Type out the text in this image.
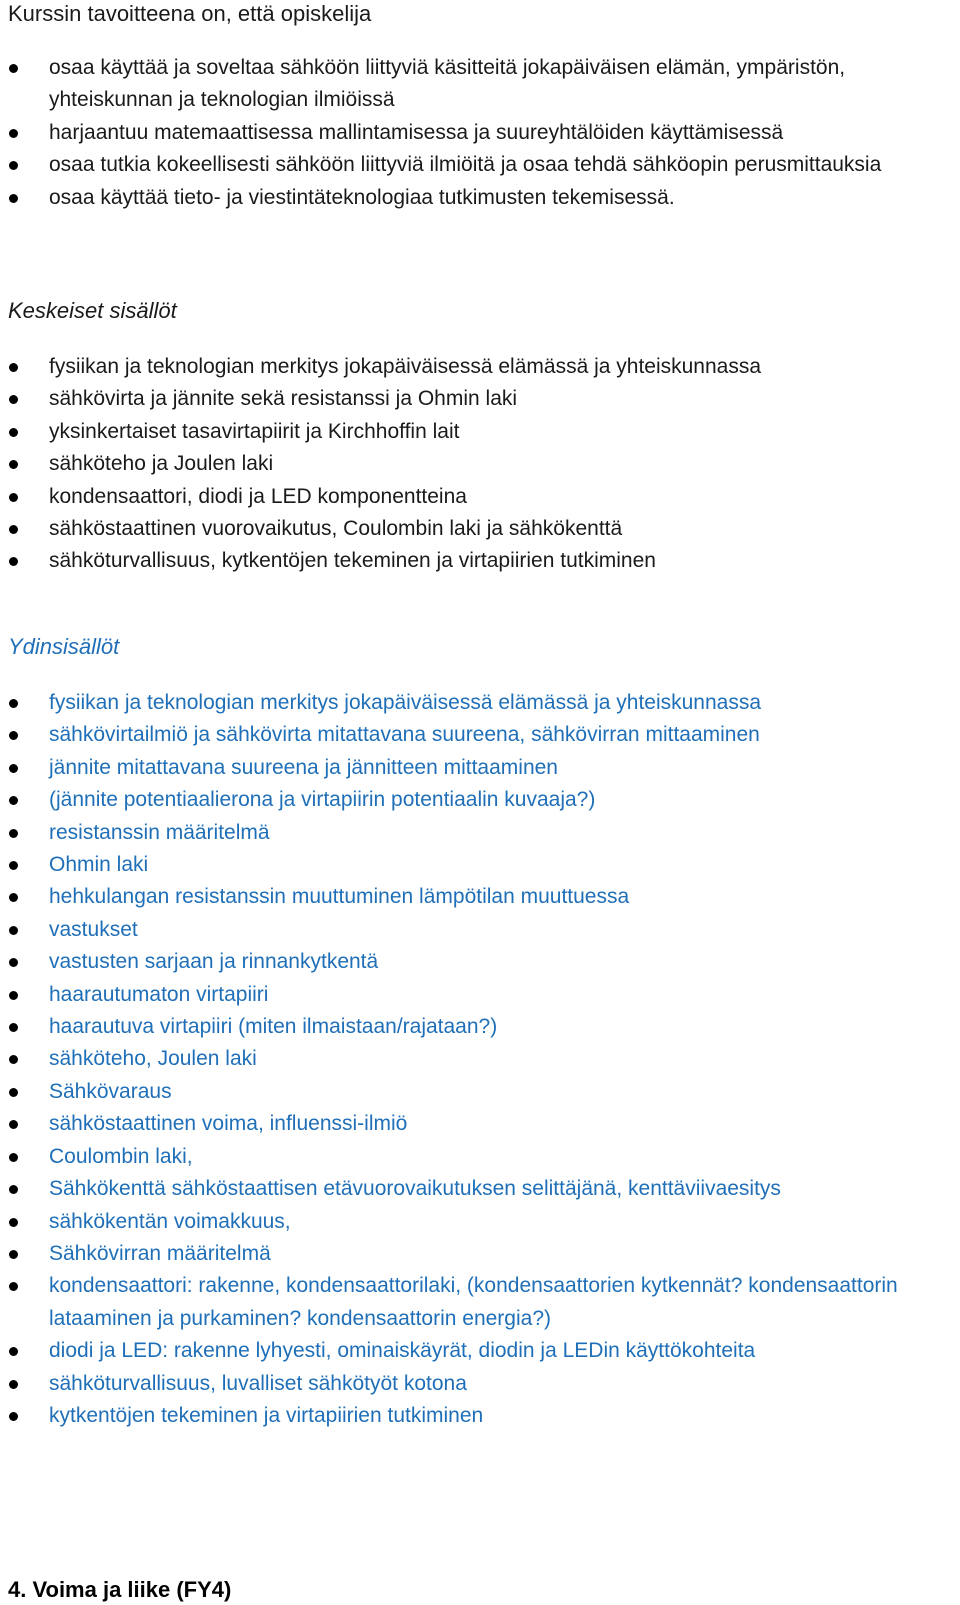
Kurssin tavoitteena on, että opiskelija
osaa käyttää ja soveltaa sähköön liittyviä käsitteitä jokapäiväisen elämän, ympäristön, yhteiskunnan ja teknologian ilmiöissä
harjaantuu matemaattisessa mallintamisessa ja suureyhtälöiden käyttämisessä
osaa tutkia kokeellisesti sähköön liittyviä ilmiöitä ja osaa tehdä sähköopin perusmittauksia
osaa käyttää tieto- ja viestintäteknologiaa tutkimusten tekemisessä.
Keskeiset sisällöt
fysiikan ja teknologian merkitys jokapäiväisessä elämässä ja yhteiskunnassa
sähkövirta ja jännite sekä resistanssi ja Ohmin laki
yksinkertaiset tasavirtapiirit ja Kirchhoffin lait
sähköteho ja Joulen laki
kondensaattori, diodi ja LED komponentteina
sähköstaattinen vuorovaikutus, Coulombin laki ja sähkökenttä
sähköturvallisuus, kytkentöjen tekeminen ja virtapiirien tutkiminen
Ydinsisällöt
fysiikan ja teknologian merkitys jokapäiväisessä elämässä ja yhteiskunnassa
sähkövirtailmiö ja sähkövirta mitattavana suureena, sähkövirran mittaaminen
jännite mitattavana suureena ja jännitteen mittaaminen
(jännite potentiaalierona ja virtapiirin potentiaalin kuvaaja?)
resistanssin määritelmä
Ohmin laki
hehkulangan resistanssin muuttuminen lämpötilan muuttuessa
vastukset
vastusten sarjaan ja rinnankytkentä
haarautumaton virtapiiri
haarautuva virtapiiri (miten ilmaistaan/rajataan?)
sähköteho, Joulen laki
Sähkövaraus
sähköstaattinen voima, influenssi-ilmiö
Coulombin laki,
Sähkökenttä sähköstaattisen etävuorovaikutuksen selittäjänä, kenttäviivaesitys
sähkökentän voimakkuus,
Sähkövirran määritelmä
kondensaattori: rakenne, kondensaattorilaki, (kondensaattorien kytkennät? kondensaattorin lataaminen ja purkaminen? kondensaattorin energia?)
diodi ja LED: rakenne lyhyesti, ominaiskäyrät, diodin ja LEDin käyttökohteita
sähköturvallisuus, luvalliset sähkötyöt kotona
kytkentöjen tekeminen ja virtapiirien tutkiminen
4. Voima ja liike (FY4)
